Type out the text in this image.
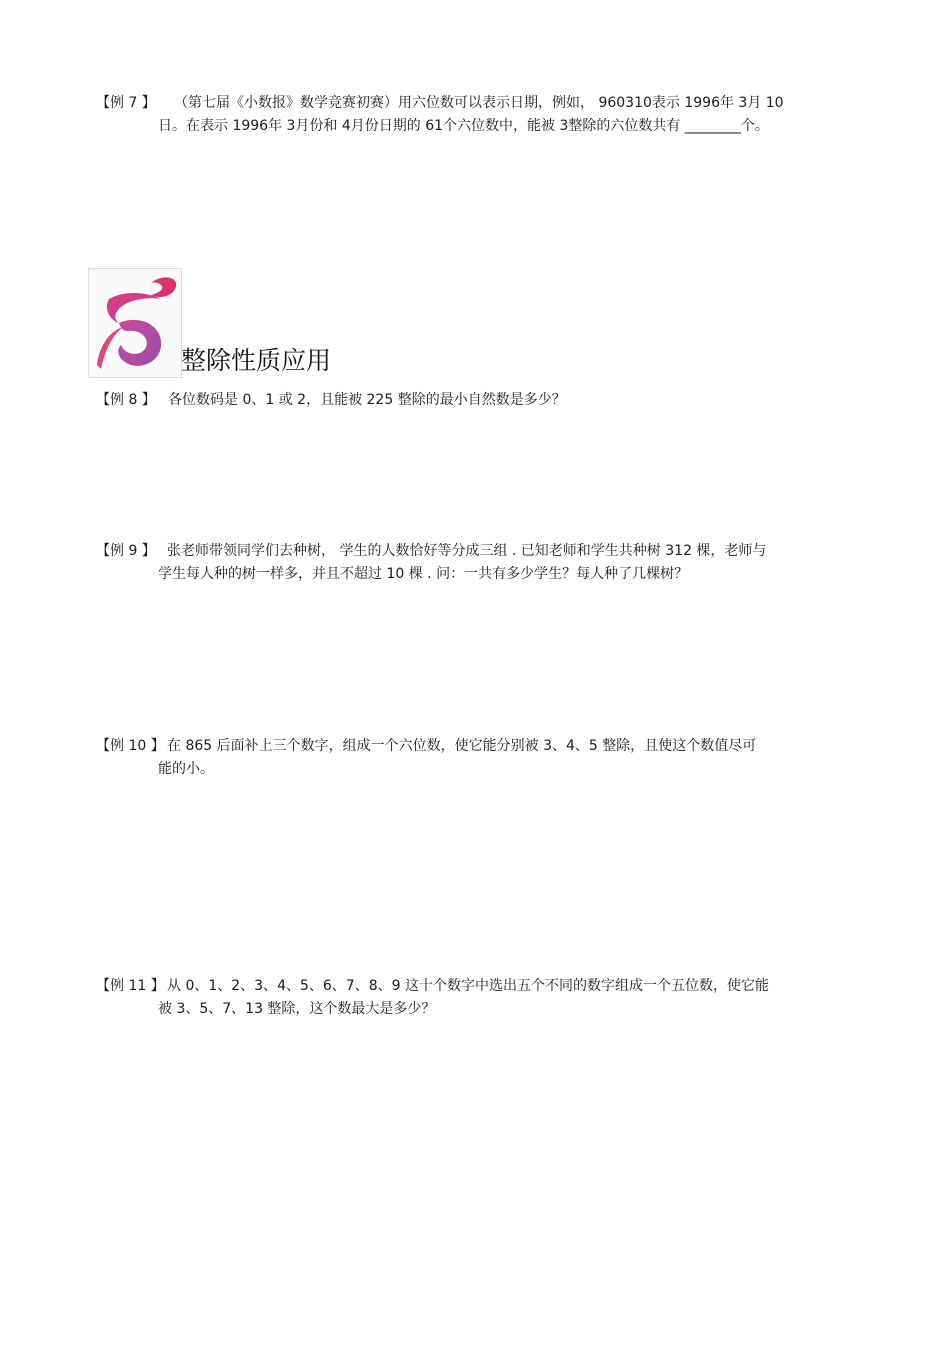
【例 7 】	（第七届《小数报》数学竞赛初赛）用六位数可以表示日期，例如， 960310表示 1996年 3月 10
日。在表示 1996年 3月份和 4月份日期的 61个六位数中，能被 3整除的六位数共有 ________个。
整除性质应用
【例 8 】 各位数码是 0、1 或 2，且能被 225 整除的最小自然数是多少？
【例 9 】 张老师带领同学们去种树， 学生的人数恰好等分成三组 . 已知老师和学生共种树 312 棵，老师与
学生每人种的树一样多，并且不超过 10 棵 . 问：一共有多少学生？每人种了几棵树？
【例 10 】 在 865 后面补上三个数字，组成一个六位数，使它能分别被 3、4、5 整除，且使这个数值尽可
能的小。
【例 11 】 从 0、1、2、3、4、5、6、7、8、9 这十个数字中选出五个不同的数字组成一个五位数，使它能
被 3、5、7、13 整除，这个数最大是多少？
